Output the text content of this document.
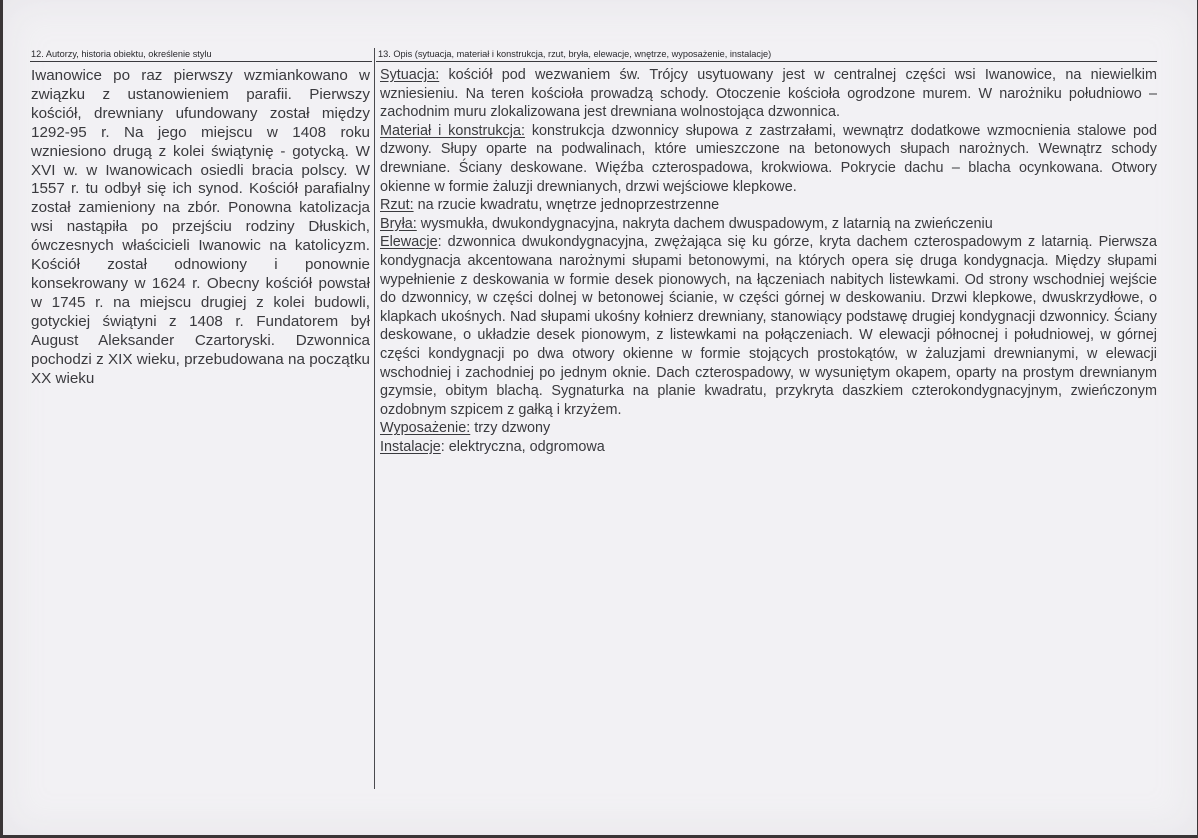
12. Autorzy, historia obiektu, określenie stylu
Iwanowice po raz pierwszy wzmiankowano w związku z ustanowieniem parafii. Pierwszy kościół, drewniany ufundowany został między 1292-95 r. Na jego miejscu w 1408 roku wzniesiono drugą z kolei świątynię - gotycką. W XVI w. w Iwanowicach osiedli bracia polscy. W 1557 r. tu odbył się ich synod. Kościół parafialny został zamieniony na zbór. Ponowna katolizacja wsi nastąpiła po przejściu rodziny Dłuskich, ówczesnych właścicieli Iwanowic na katolicyzm. Kościół został odnowiony i ponownie konsekrowany w 1624 r. Obecny kościół powstał w 1745 r. na miejscu drugiej z kolei budowli, gotyckiej świątyni z 1408 r. Fundatorem był August Aleksander Czartoryski. Dzwonnica pochodzi z XIX wieku, przebudowana na początku XX wieku
13. Opis (sytuacja, materiał i konstrukcja, rzut, bryła, elewacje, wnętrze, wyposażenie, instalacje)

Sytuacja: kościół pod wezwaniem św. Trójcy usytuowany jest w centralnej części wsi Iwanowice, na niewielkim wzniesieniu. Na teren kościoła prowadzą schody. Otoczenie kościoła ogrodzone murem. W narożniku południowo –zachodnim muru zlokalizowana jest drewniana wolnostojąca dzwonnica.

Materiał i konstrukcja: konstrukcja dzwonnicy słupowa z zastrzałami, wewnątrz dodatkowe wzmocnienia stalowe pod dzwony. Słupy oparte na podwalinach, które umieszczone na betonowych słupach narożnych. Wewnątrz schody drewniane. Ściany deskowane. Więźba czterospadowa, krokwiowa. Pokrycie dachu – blacha ocynkowana. Otwory okienne w formie żaluzji drewnianych, drzwi wejściowe klepkowe.

Rzut: na rzucie kwadratu, wnętrze jednoprzestrzenne

Bryła: wysmukła, dwukondygnacyjna, nakryta dachem dwuspadowym, z latarnią na zwieńczeniu

Elewacje: dzwonnica dwukondygnacyjna, zwężająca się ku górze, kryta dachem czterospadowym z latarnią. Pierwsza kondygnacja akcentowana narożnymi słupami betonowymi, na których opera się druga kondygnacja. Między słupami wypełnienie z deskowania w formie desek pionowych, na łączeniach nabitych listewkami. Od strony wschodniej wejście do dzwonnicy, w części dolnej w betonowej ścianie, w części górnej w deskowaniu. Drzwi klepkowe, dwuskrzydłowe, o klapkach ukośnych. Nad słupami ukośny kołnierz drewniany, stanowiący podstawę drugiej kondygnacji dzwonnicy. Ściany deskowane, o układzie desek pionowym, z listewkami na połączeniach. W elewacji północnej i południowej, w górnej części kondygnacji po dwa otwory okienne w formie stojących prostokątów, w żaluzjami drewnianymi, w elewacji wschodniej i zachodniej po jednym oknie. Dach czterospadowy, w wysuniętym okapem, oparty na prostym drewnianym gzymsie, obitym blachą. Sygnaturka na planie kwadratu, przykryta daszkiem czterokondygnacyjnym, zwieńczonym ozdobnym szpicem z gałką i krzyżem.

Wyposażenie: trzy dzwony

Instalacje: elektryczna, odgromowa
